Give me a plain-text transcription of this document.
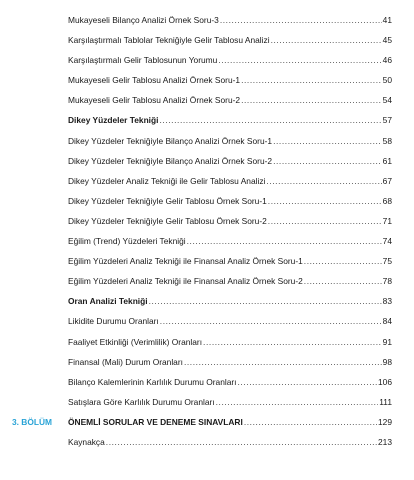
Mukayeseli Bilanço Analizi Örnek Soru-3 .....	41
Karşılaştırmalı Tablolar Tekniğiyle Gelir Tablosu Analizi .....	45
Karşılaştırmalı Gelir Tablosunun Yorumu .....	46
Mukayeseli Gelir Tablosu Analizi Örnek Soru-1 .....	50
Mukayeseli Gelir Tablosu Analizi Örnek Soru-2 .....	54
Dikey Yüzdeler Tekniği .....	57
Dikey Yüzdeler Tekniğiyle Bilanço Analizi Örnek Soru-1 .....	58
Dikey Yüzdeler Tekniğiyle Bilanço Analizi Örnek Soru-2 .....	61
Dikey Yüzdeler Analiz Tekniği ile Gelir Tablosu Analizi .....	67
Dikey Yüzdeler Tekniğiyle Gelir Tablosu Örnek Soru-1 .....	68
Dikey Yüzdeler Tekniğiyle Gelir Tablosu Örnek Soru-2 .....	71
Eğilim (Trend) Yüzdeleri Tekniği .....	74
Eğilim Yüzdeleri Analiz Tekniği ile Finansal Analiz Örnek Soru-1 .....	75
Eğilim Yüzdeleri Analiz Tekniği ile Finansal Analiz Örnek Soru-2 .....	78
Oran Analizi Tekniği .....	83
Likidite Durumu Oranları .....	84
Faaliyet Etkinliği (Verimlilik) Oranları .....	91
Finansal (Mali) Durum Oranları .....	98
Bilanço Kalemlerinin Karlılık Durumu Oranları .....	106
Satışlara Göre Karlılık Durumu Oranları .....	111
3. BÖLÜM ÖNEMLİ SORULAR VE DENEME SINAVLARI .....	129
Kaynakça .....	213
